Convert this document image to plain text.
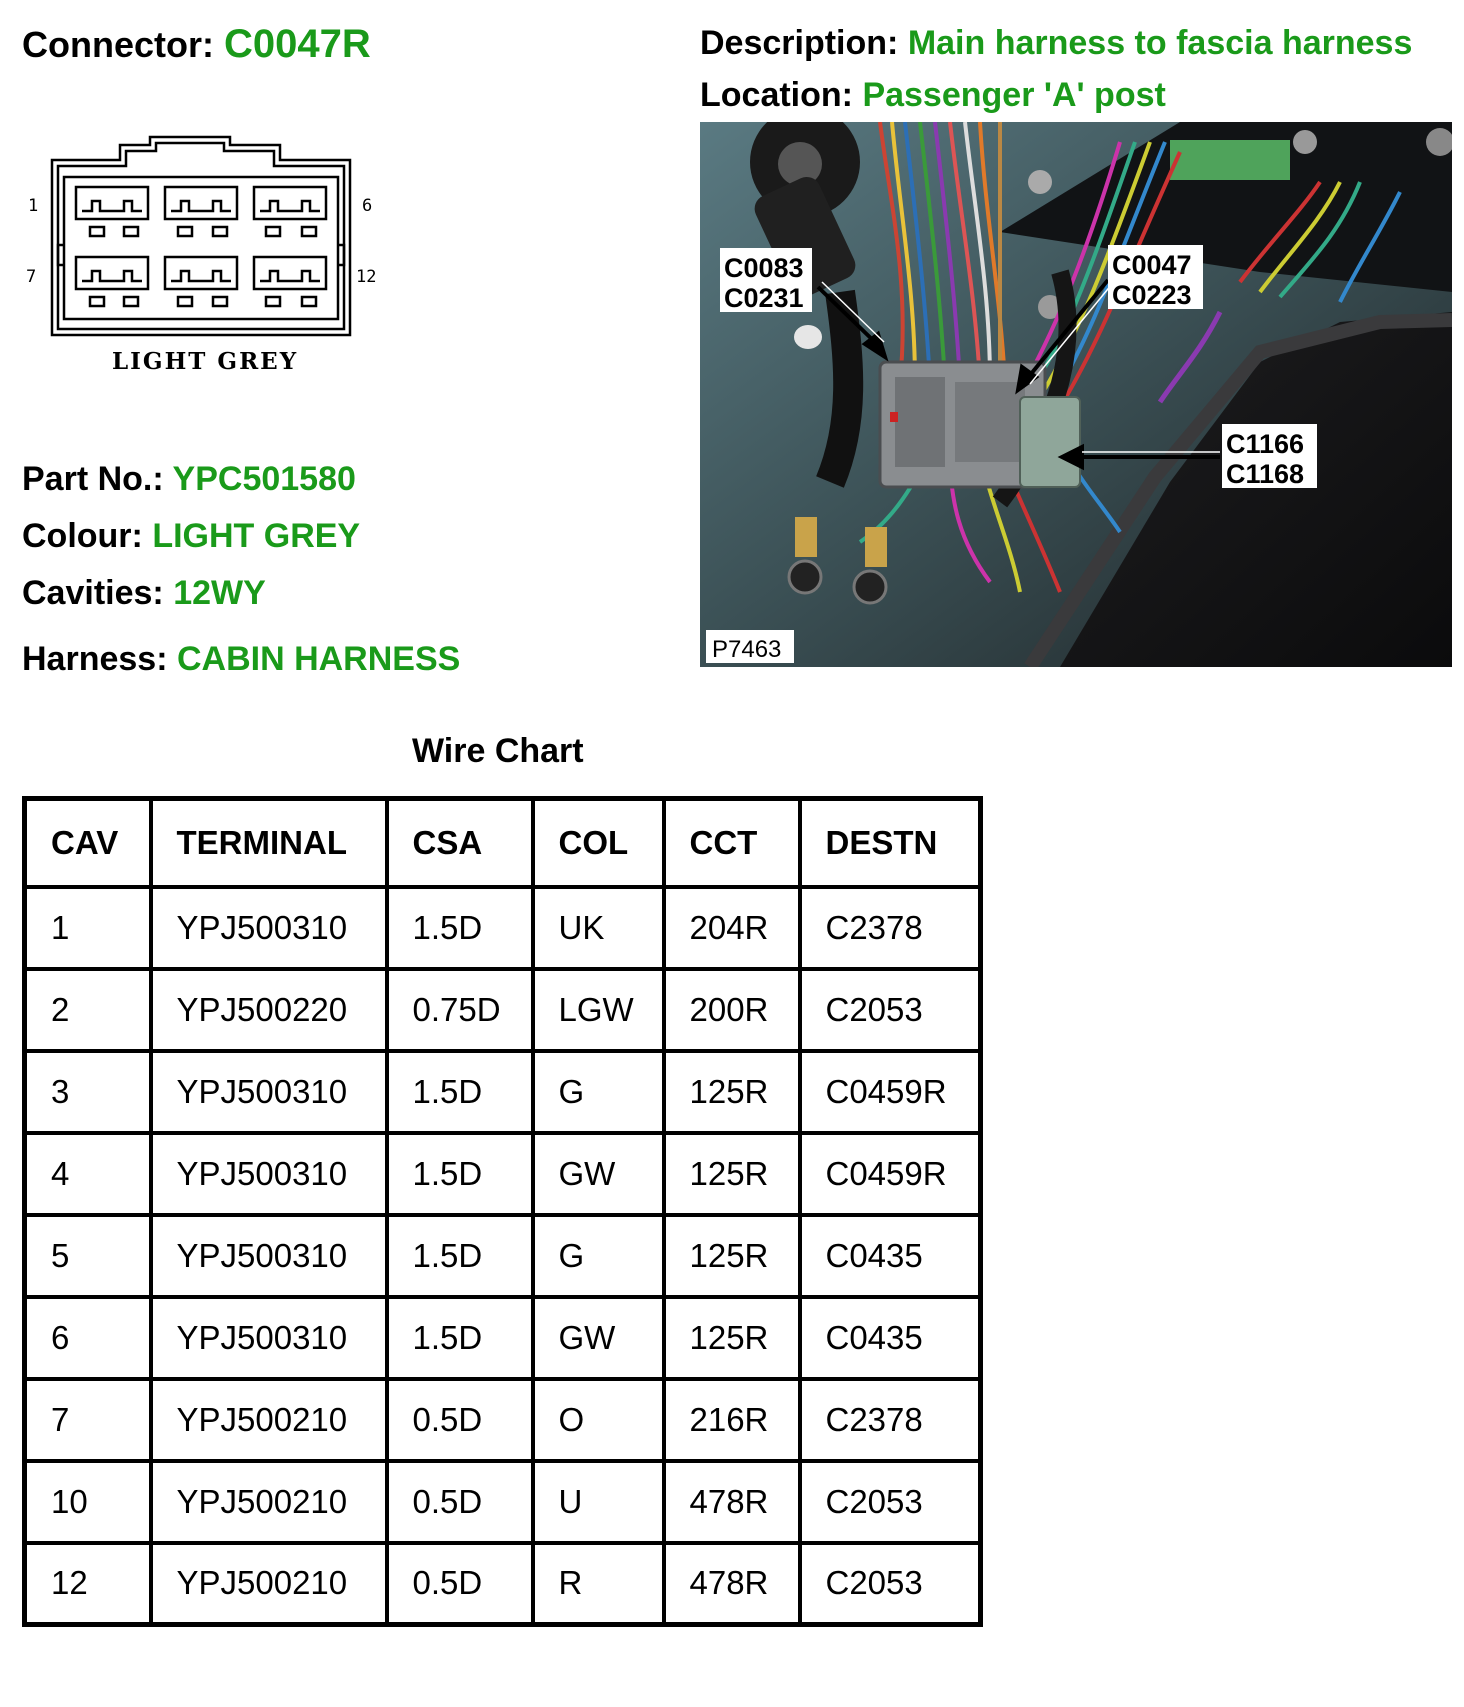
Connector: C0047R	Description: Main harness to fascia harness
Location: Passenger 'A' post
1	6
7	12
LIGHT GREY
C0083
C0231
C0047
C0223
C1166
C1168
P7463
Part No.: YPC501580
Colour: LIGHT GREY
Cavities: 12WY
Harness: CABIN HARNESS
Wire Chart
CAV	TERMINAL	CSA	COL	CCT	DESTN
1	YPJ500310	1.5D	UK	204R	C2378
2	YPJ500220	0.75D	LGW	200R	C2053
3	YPJ500310	1.5D	G	125R	C0459R
4	YPJ500310	1.5D	GW	125R	C0459R
5	YPJ500310	1.5D	G	125R	C0435
6	YPJ500310	1.5D	GW	125R	C0435
7	YPJ500210	0.5D	O	216R	C2378
10	YPJ500210	0.5D	U	478R	C2053
12	YPJ500210	0.5D	R	478R	C2053
